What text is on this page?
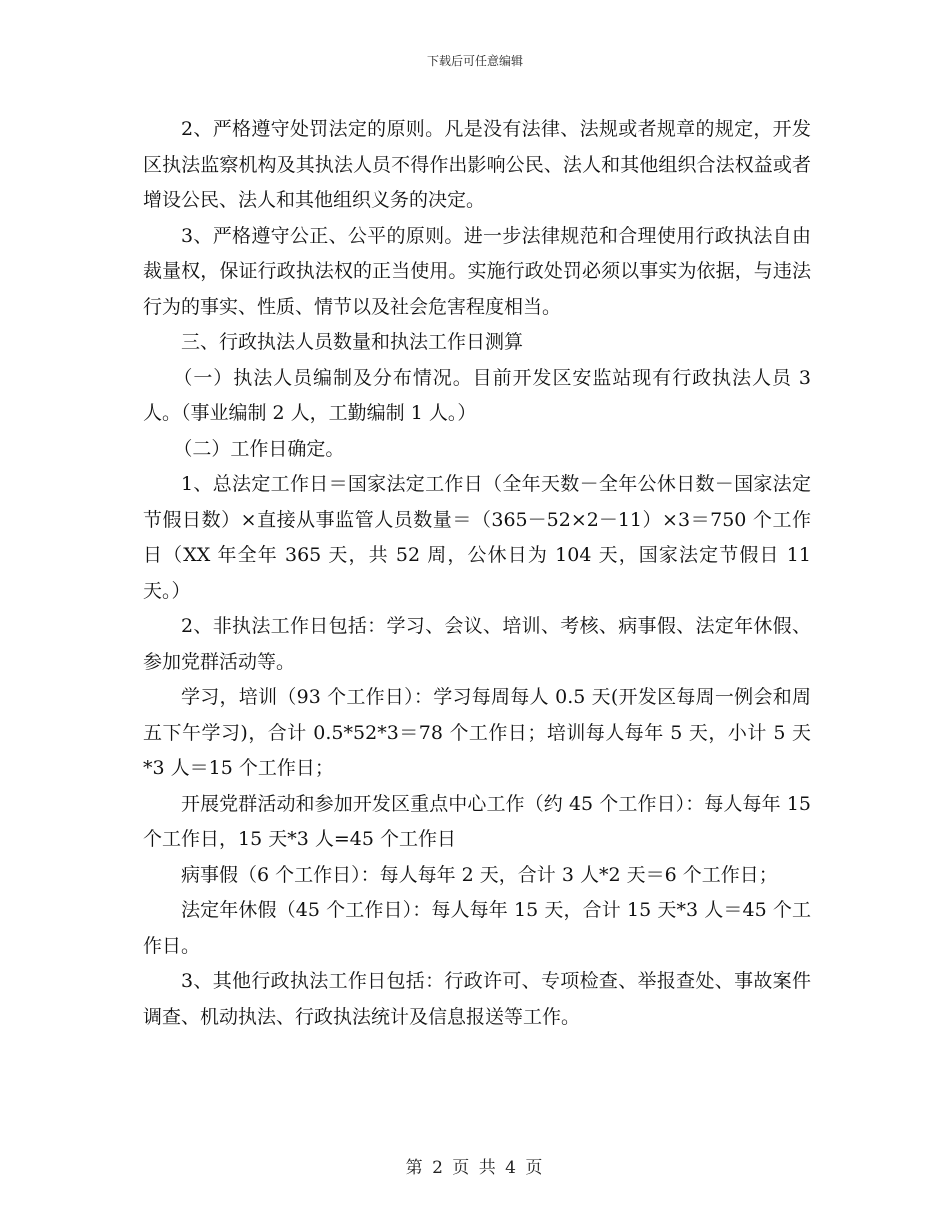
下载后可任意编辑

2、严格遵守处罚法定的原则。凡是没有法律、法规或者规章的规定，开发区执法监察机构及其执法人员不得作出影响公民、法人和其他组织合法权益或者增设公民、法人和其他组织义务的决定。

3、严格遵守公正、公平的原则。进一步法律规范和合理使用行政执法自由裁量权，保证行政执法权的正当使用。实施行政处罚必须以事实为依据，与违法行为的事实、性质、情节以及社会危害程度相当。

三、行政执法人员数量和执法工作日测算

（一）执法人员编制及分布情况。目前开发区安监站现有行政执法人员 3 人。（事业编制 2 人，工勤编制 1 人。）

（二）工作日确定。

1、总法定工作日＝国家法定工作日（全年天数－全年公休日数－国家法定节假日数）×直接从事监管人员数量＝（365－52×2－11）×3＝750 个工作日（XX 年全年 365 天，共 52 周，公休日为 104 天，国家法定节假日 11 天。）

2、非执法工作日包括：学习、会议、培训、考核、病事假、法定年休假、参加党群活动等。

学习，培训（93 个工作日）：学习每周每人 0.5 天(开发区每周一例会和周五下午学习)，合计 0.5*52*3＝78 个工作日；培训每人每年 5 天，小计 5 天*3 人＝15 个工作日；

开展党群活动和参加开发区重点中心工作（约 45 个工作日）：每人每年 15 个工作日，15 天*3 人=45 个工作日

病事假（6 个工作日）：每人每年 2 天，合计 3 人*2 天＝6 个工作日；

法定年休假（45 个工作日）：每人每年 15 天，合计 15 天*3 人＝45 个工作日。

3、其他行政执法工作日包括：行政许可、专项检查、举报查处、事故案件调查、机动执法、行政执法统计及信息报送等工作。

第 2 页 共 4 页
